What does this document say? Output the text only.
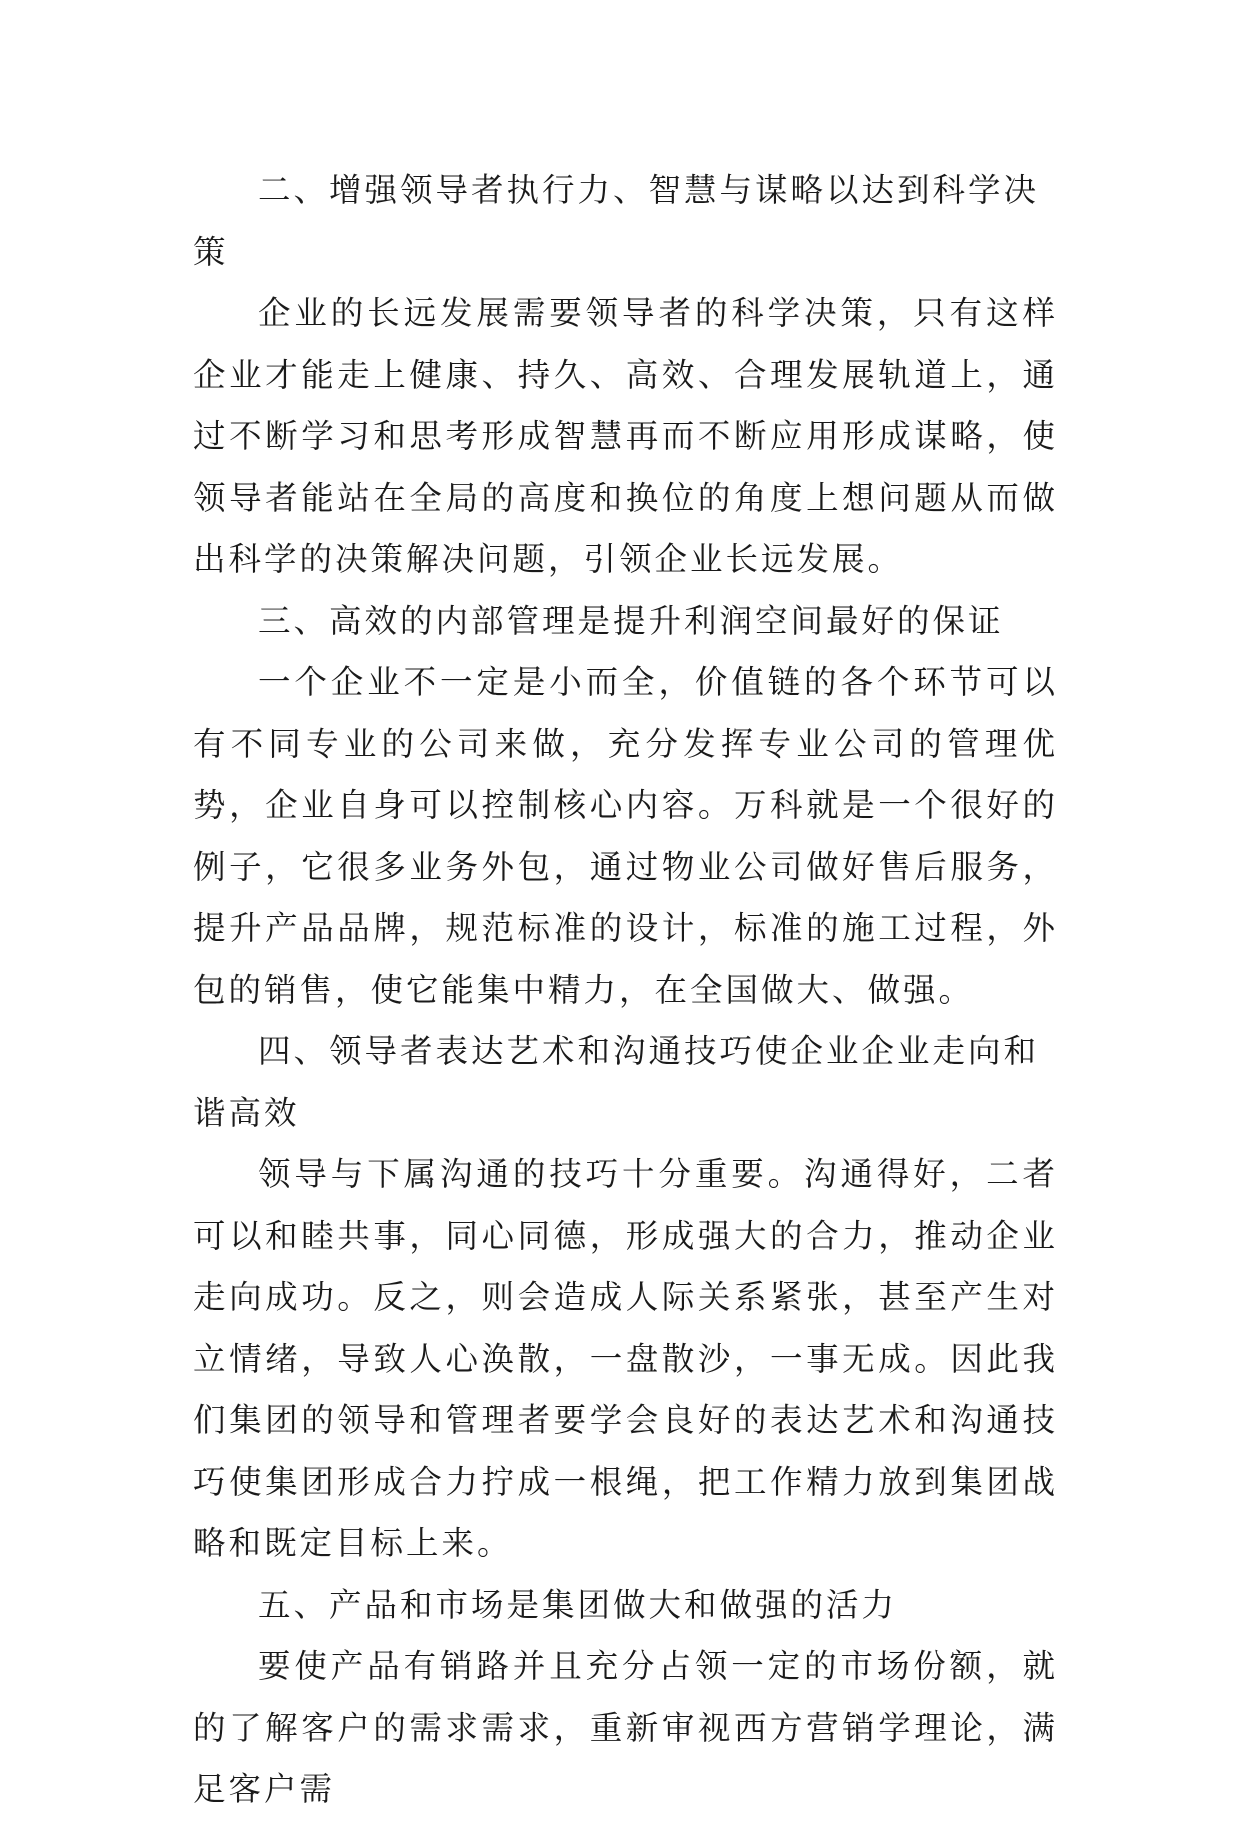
二、增强领导者执行力、智慧与谋略以达到科学决策

企业的长远发展需要领导者的科学决策，只有这样企业才能走上健康、持久、高效、合理发展轨道上，通过不断学习和思考形成智慧再而不断应用形成谋略，使领导者能站在全局的高度和换位的角度上想问题从而做出科学的决策解决问题，引领企业长远发展。

三、高效的内部管理是提升利润空间最好的保证

一个企业不一定是小而全，价值链的各个环节可以有不同专业的公司来做，充分发挥专业公司的管理优势，企业自身可以控制核心内容。万科就是一个很好的例子，它很多业务外包，通过物业公司做好售后服务，提升产品品牌，规范标准的设计，标准的施工过程，外包的销售，使它能集中精力，在全国做大、做强。

四、领导者表达艺术和沟通技巧使企业企业走向和谐高效

领导与下属沟通的技巧十分重要。沟通得好，二者可以和睦共事，同心同德，形成强大的合力，推动企业走向成功。反之，则会造成人际关系紧张，甚至产生对立情绪，导致人心涣散，一盘散沙，一事无成。因此我们集团的领导和管理者要学会良好的表达艺术和沟通技巧使集团形成合力拧成一根绳，把工作精力放到集团战略和既定目标上来。

五、产品和市场是集团做大和做强的活力

要使产品有销路并且充分占领一定的市场份额，就的了解客户的需求需求，重新审视西方营销学理论，满足客户需
